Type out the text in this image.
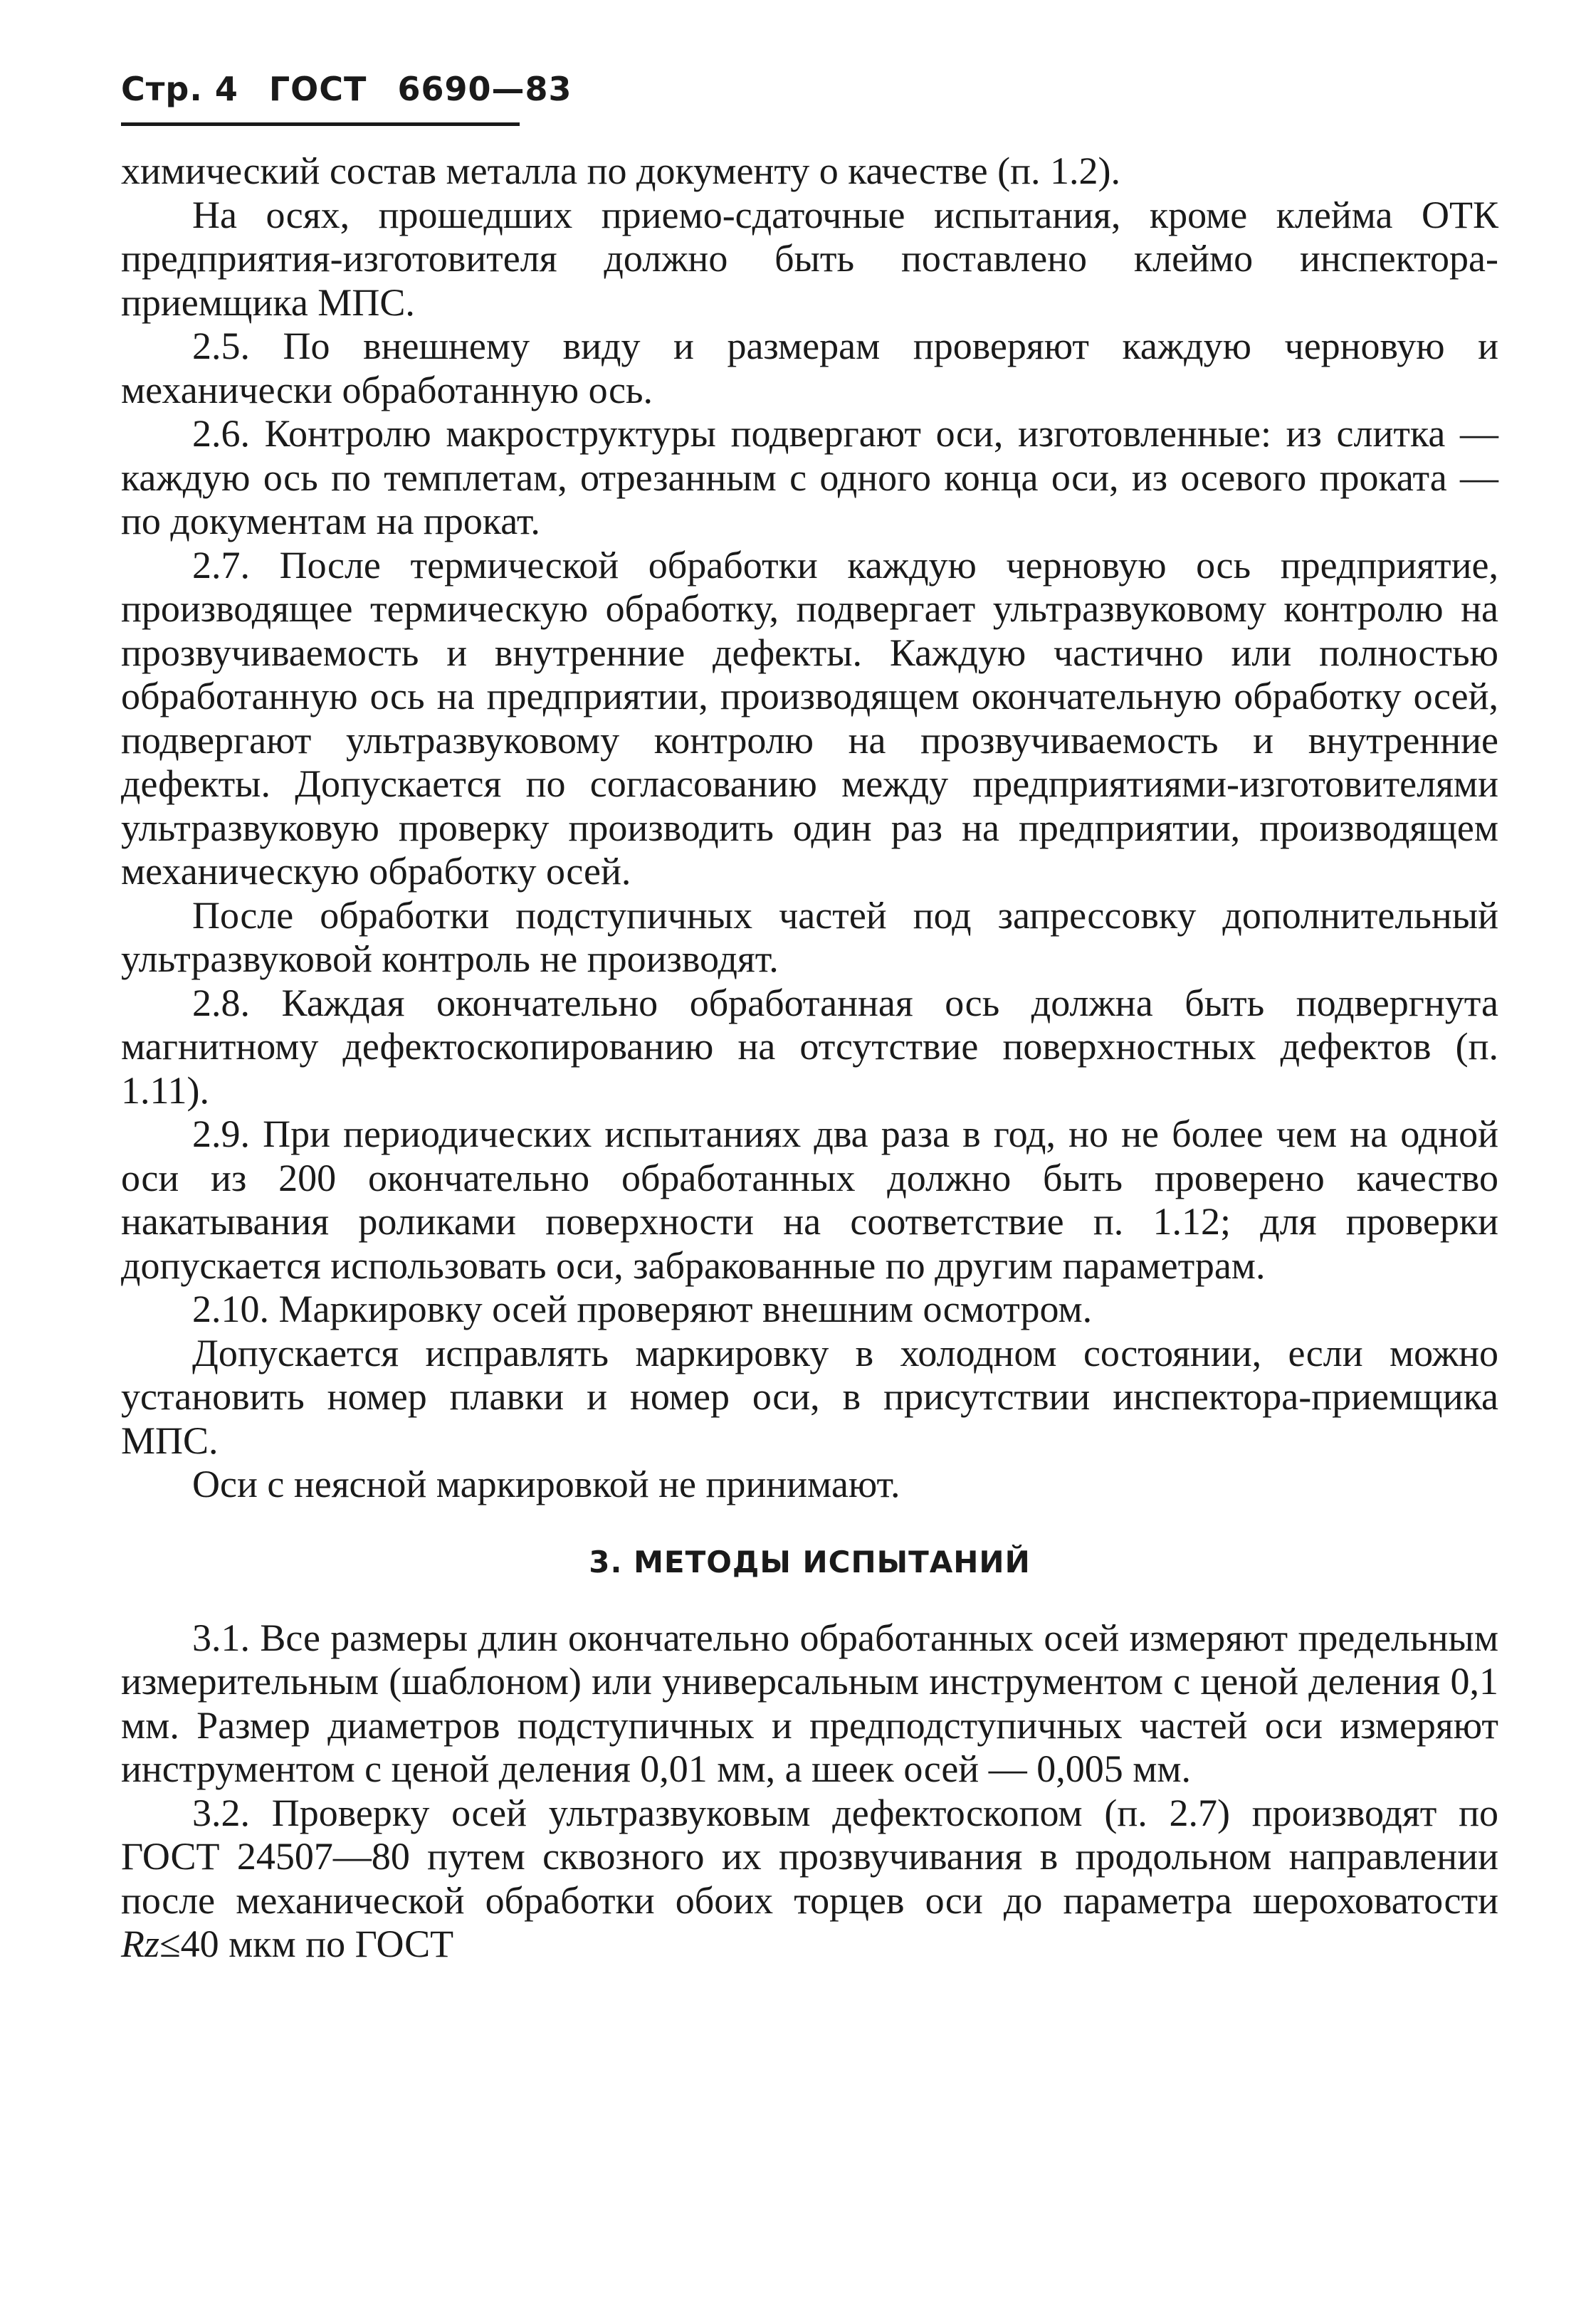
Стр. 4 ГОСТ 6690—83

химический состав металла по документу о качестве (п. 1.2).

На осях, прошедших приемо-сдаточные испытания, кроме клейма ОТК предприятия-изготовителя должно быть поставлено клеймо инспектора-приемщика МПС.

2.5. По внешнему виду и размерам проверяют каждую черновую и механически обработанную ось.

2.6. Контролю макроструктуры подвергают оси, изготовленные: из слитка — каждую ось по темплетам, отрезанным с одного конца оси, из осевого проката — по документам на прокат.

2.7. После термической обработки каждую черновую ось предприятие, производящее термическую обработку, подвергает ультразвуковому контролю на прозвучиваемость и внутренние дефекты. Каждую частично или полностью обработанную ось на предприятии, производящем окончательную обработку осей, подвергают ультразвуковому контролю на прозвучиваемость и внутренние дефекты. Допускается по согласованию между предприятиями-изготовителями ультразвуковую проверку производить один раз на предприятии, производящем механическую обработку осей.

После обработки подступичных частей под запрессовку дополнительный ультразвуковой контроль не производят.

2.8. Каждая окончательно обработанная ось должна быть подвергнута магнитному дефектоскопированию на отсутствие поверхностных дефектов (п. 1.11).

2.9. При периодических испытаниях два раза в год, но не более чем на одной оси из 200 окончательно обработанных должно быть проверено качество накатывания роликами поверхности на соответствие п. 1.12; для проверки допускается использовать оси, забракованные по другим параметрам.

2.10. Маркировку осей проверяют внешним осмотром.

Допускается исправлять маркировку в холодном состоянии, если можно установить номер плавки и номер оси, в присутствии инспектора-приемщика МПС.

Оси с неясной маркировкой не принимают.

3. МЕТОДЫ ИСПЫТАНИЙ

3.1. Все размеры длин окончательно обработанных осей измеряют предельным измерительным (шаблоном) или универсальным инструментом с ценой деления 0,1 мм. Размер диаметров подступичных и предподступичных частей оси измеряют инструментом с ценой деления 0,01 мм, а шеек осей — 0,005 мм.

3.2. Проверку осей ультразвуковым дефектоскопом (п. 2.7) производят по ГОСТ 24507—80 путем сквозного их прозвучивания в продольном направлении после механической обработки обоих торцев оси до параметра шероховатости Rz≤40 мкм по ГОСТ
